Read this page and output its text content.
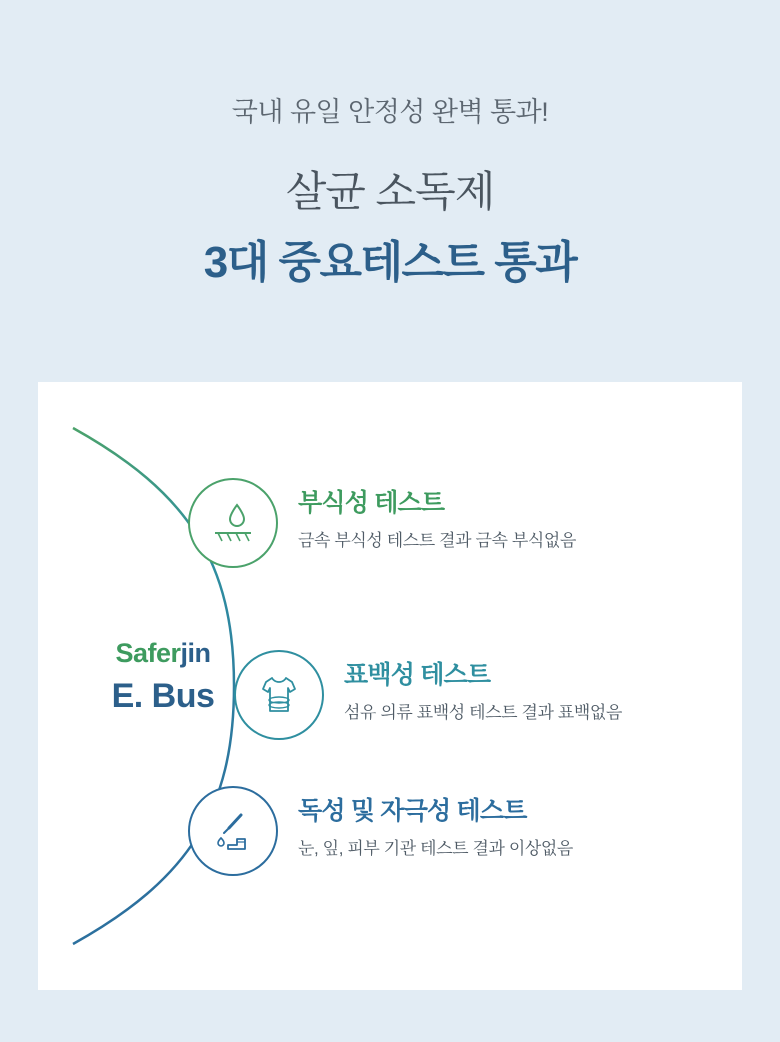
국내 유일 안정성 완벽 통과!
살균 소독제
3대 중요테스트 통과
Saferjin
E. Bus
부식성 테스트
금속 부식성 테스트 결과 금속 부식없음
표백성 테스트
섬유 의류 표백성 테스트 결과 표백없음
독성 및 자극성 테스트
눈, 잎, 피부 기관 테스트 결과 이상없음
